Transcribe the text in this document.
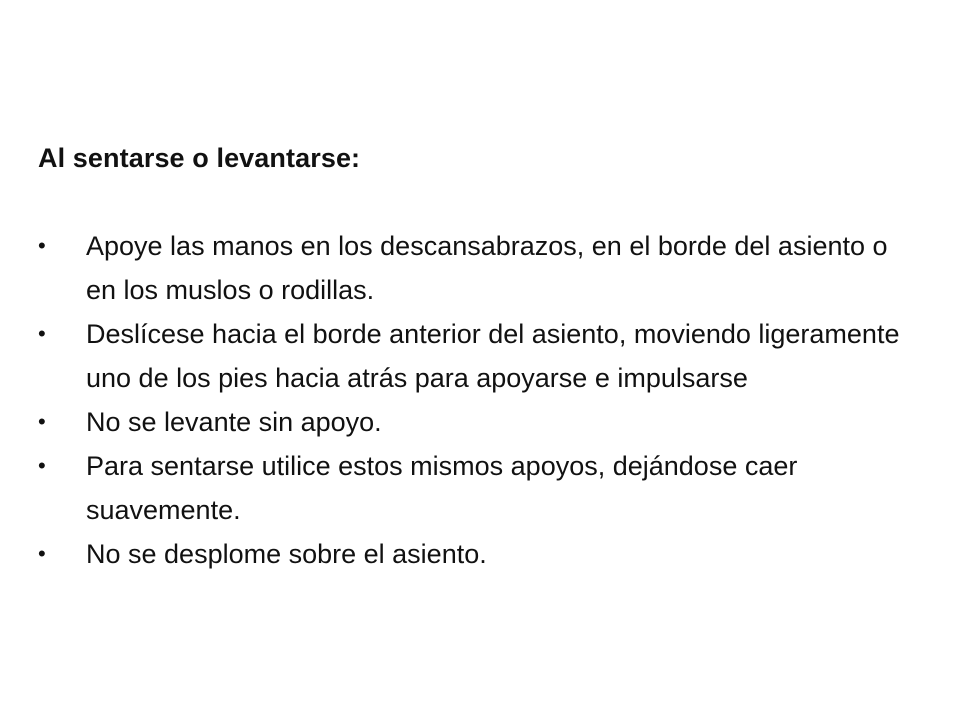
Al sentarse o levantarse:

•	Apoye las manos en los descansabrazos, en el borde del asiento o en los muslos o rodillas.
•	Deslícese hacia el borde anterior del asiento, moviendo ligeramente uno de los pies hacia atrás para apoyarse e impulsarse
•	No se levante sin apoyo.
•	Para sentarse utilice estos mismos apoyos, dejándose caer suavemente.
•	No se desplome sobre el asiento.
